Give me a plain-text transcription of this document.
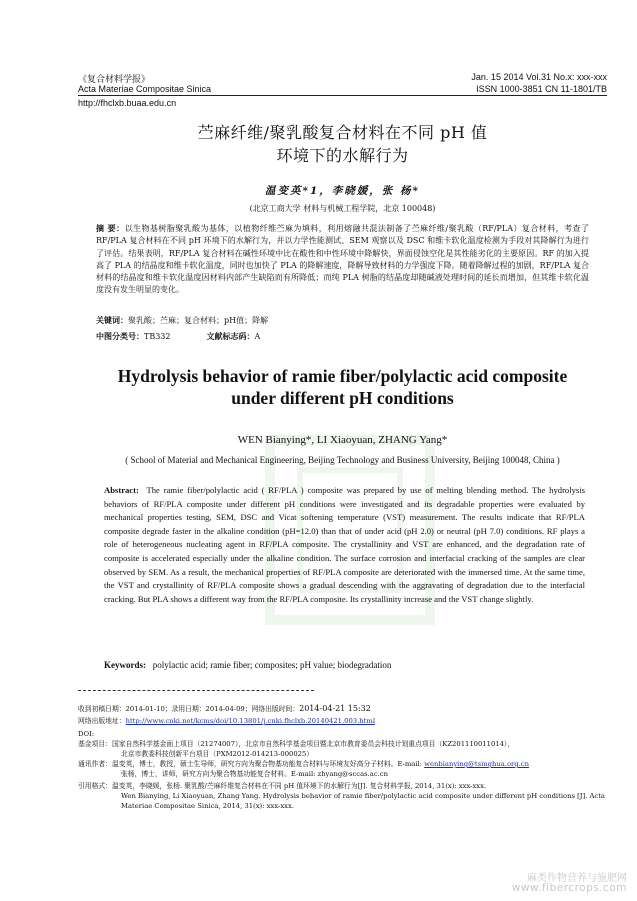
《复合材料学报》	Jan. 15 2014 Vol.31 No.x: xxx-xxx
Acta Materiae Compositae Sinica	ISSN 1000-3851 CN 11-1801/TB
http://fhclxb.buaa.edu.cn
苎麻纤维/聚乳酸复合材料在不同 pH 值
环境下的水解行为
温变英*1，李晓媛，张 杨*
(北京工商大学 材料与机械工程学院，北京 100048)
摘 要：以生物基树脂聚乳酸为基体，以植物纤维苎麻为填料，利用熔融共混法制备了苎麻纤维/聚乳酸（RF/PLA）复合材料，考查了 RF/PLA 复合材料在不同 pH 环境下的水解行为，并以力学性能测试、SEM 观察以及 DSC 和维卡软化温度检测为手段对其降解行为进行了评估。结果表明，RF/PLA 复合材料在碱性环境中比在酸性和中性环境中降解快，界面侵蚀空化是其性能劣化的主要原因。RF 的加入提高了 PLA 的结晶度和维卡软化温度，同时也加快了 PLA 的降解速度，降解导致材料的力学强度下降。随着降解过程的加剧，RF/PLA 复合材料的结晶度和维卡软化温度因材料内部产生缺陷而有所降低；而纯 PLA 树脂的结晶度却随碱液处理时间的延长而增加，但其维卡软化温度没有发生明显的变化。
关键词：聚乳酸；苎麻；复合材料；pH值；降解
中图分类号：TB332	文献标志码：A
Hydrolysis behavior of ramie fiber/polylactic acid composite
under different pH conditions
WEN Bianying*, LI Xiaoyuan, ZHANG Yang*
( School of Material and Mechanical Engineering, Beijing Technology and Business University, Beijing 100048, China )
Abstract: The ramie fiber/polylactic acid ( RF/PLA ) composite was prepared by use of melting blending method. The hydrolysis behaviors of RF/PLA composite under different pH conditions were investigated and its degradable properties were evaluated by mechanical properties testing, SEM, DSC and Vicat softening temperature (VST) measurement. The results indicate that RF/PLA composite degrade faster in the alkaline condition (pH=12.0) than that of under acid (pH 2.0) or neutral (pH 7.0) conditions. RF plays a role of heterogeneous nucleating agent in RF/PLA composite. The crystallinity and VST are enhanced, and the degradation rate of composite is accelerated especially under the alkaline condition. The surface corrosion and interfacial cracking of the samples are clear observed by SEM. As a result, the mechanical properties of RF/PLA composite are deteriorated with the immersed time. At the same time, the VST and crystallinity of RF/PLA composite shows a gradual descending with the aggravating of degradation due to the interfacial cracking. But PLA shows a different way from the RF/PLA composite. Its crystallinity increase and the VST change slightly.
Keywords: polylactic acid; ramie fiber; composites; pH value; biodegradation
收到初稿日期：2014-01-10；录用日期：2014-04-09；网络出版时间：2014-04-21 15:32
网络出版地址：http://www.cnki.net/kcms/doi/10.13801/j.cnki.fhclxb.20140421.003.html
DOI:
基金项目：国家自然科学基金面上项目（21274007），北京市自然科学基金项目暨北京市教育委员会科技计划重点项目（KZ201110011014），
北京市教委科技创新平台项目（PXM2012-014213-000025）
通讯作者：温变英，博士，教授，硕士生导师，研究方向为聚合物基功能复合材料与环境友好高分子材料。E-mail: wenbianying@tsinghua.org.cn
张杨，博士，讲师，研究方向为聚合物基功能复合材料。E-mail: zhyang@sccas.ac.cn
引用格式：温变英，李晓媛，张杨. 聚乳酸/苎麻纤维复合材料在不同 pH 值环境下的水解行为[J]. 复合材料学报, 2014, 31(x): xxx-xxx.
Wen Bianying, Li Xiaoyuan, Zhang Yang. Hydrolysis behavior of ramie fiber/polylactic acid composite under different pH conditions [J]. Acta
Materiae Compositae Sinica, 2014, 31(x): xxx-xxx.
麻类作物营养与施肥网
www.fibercrops.com
